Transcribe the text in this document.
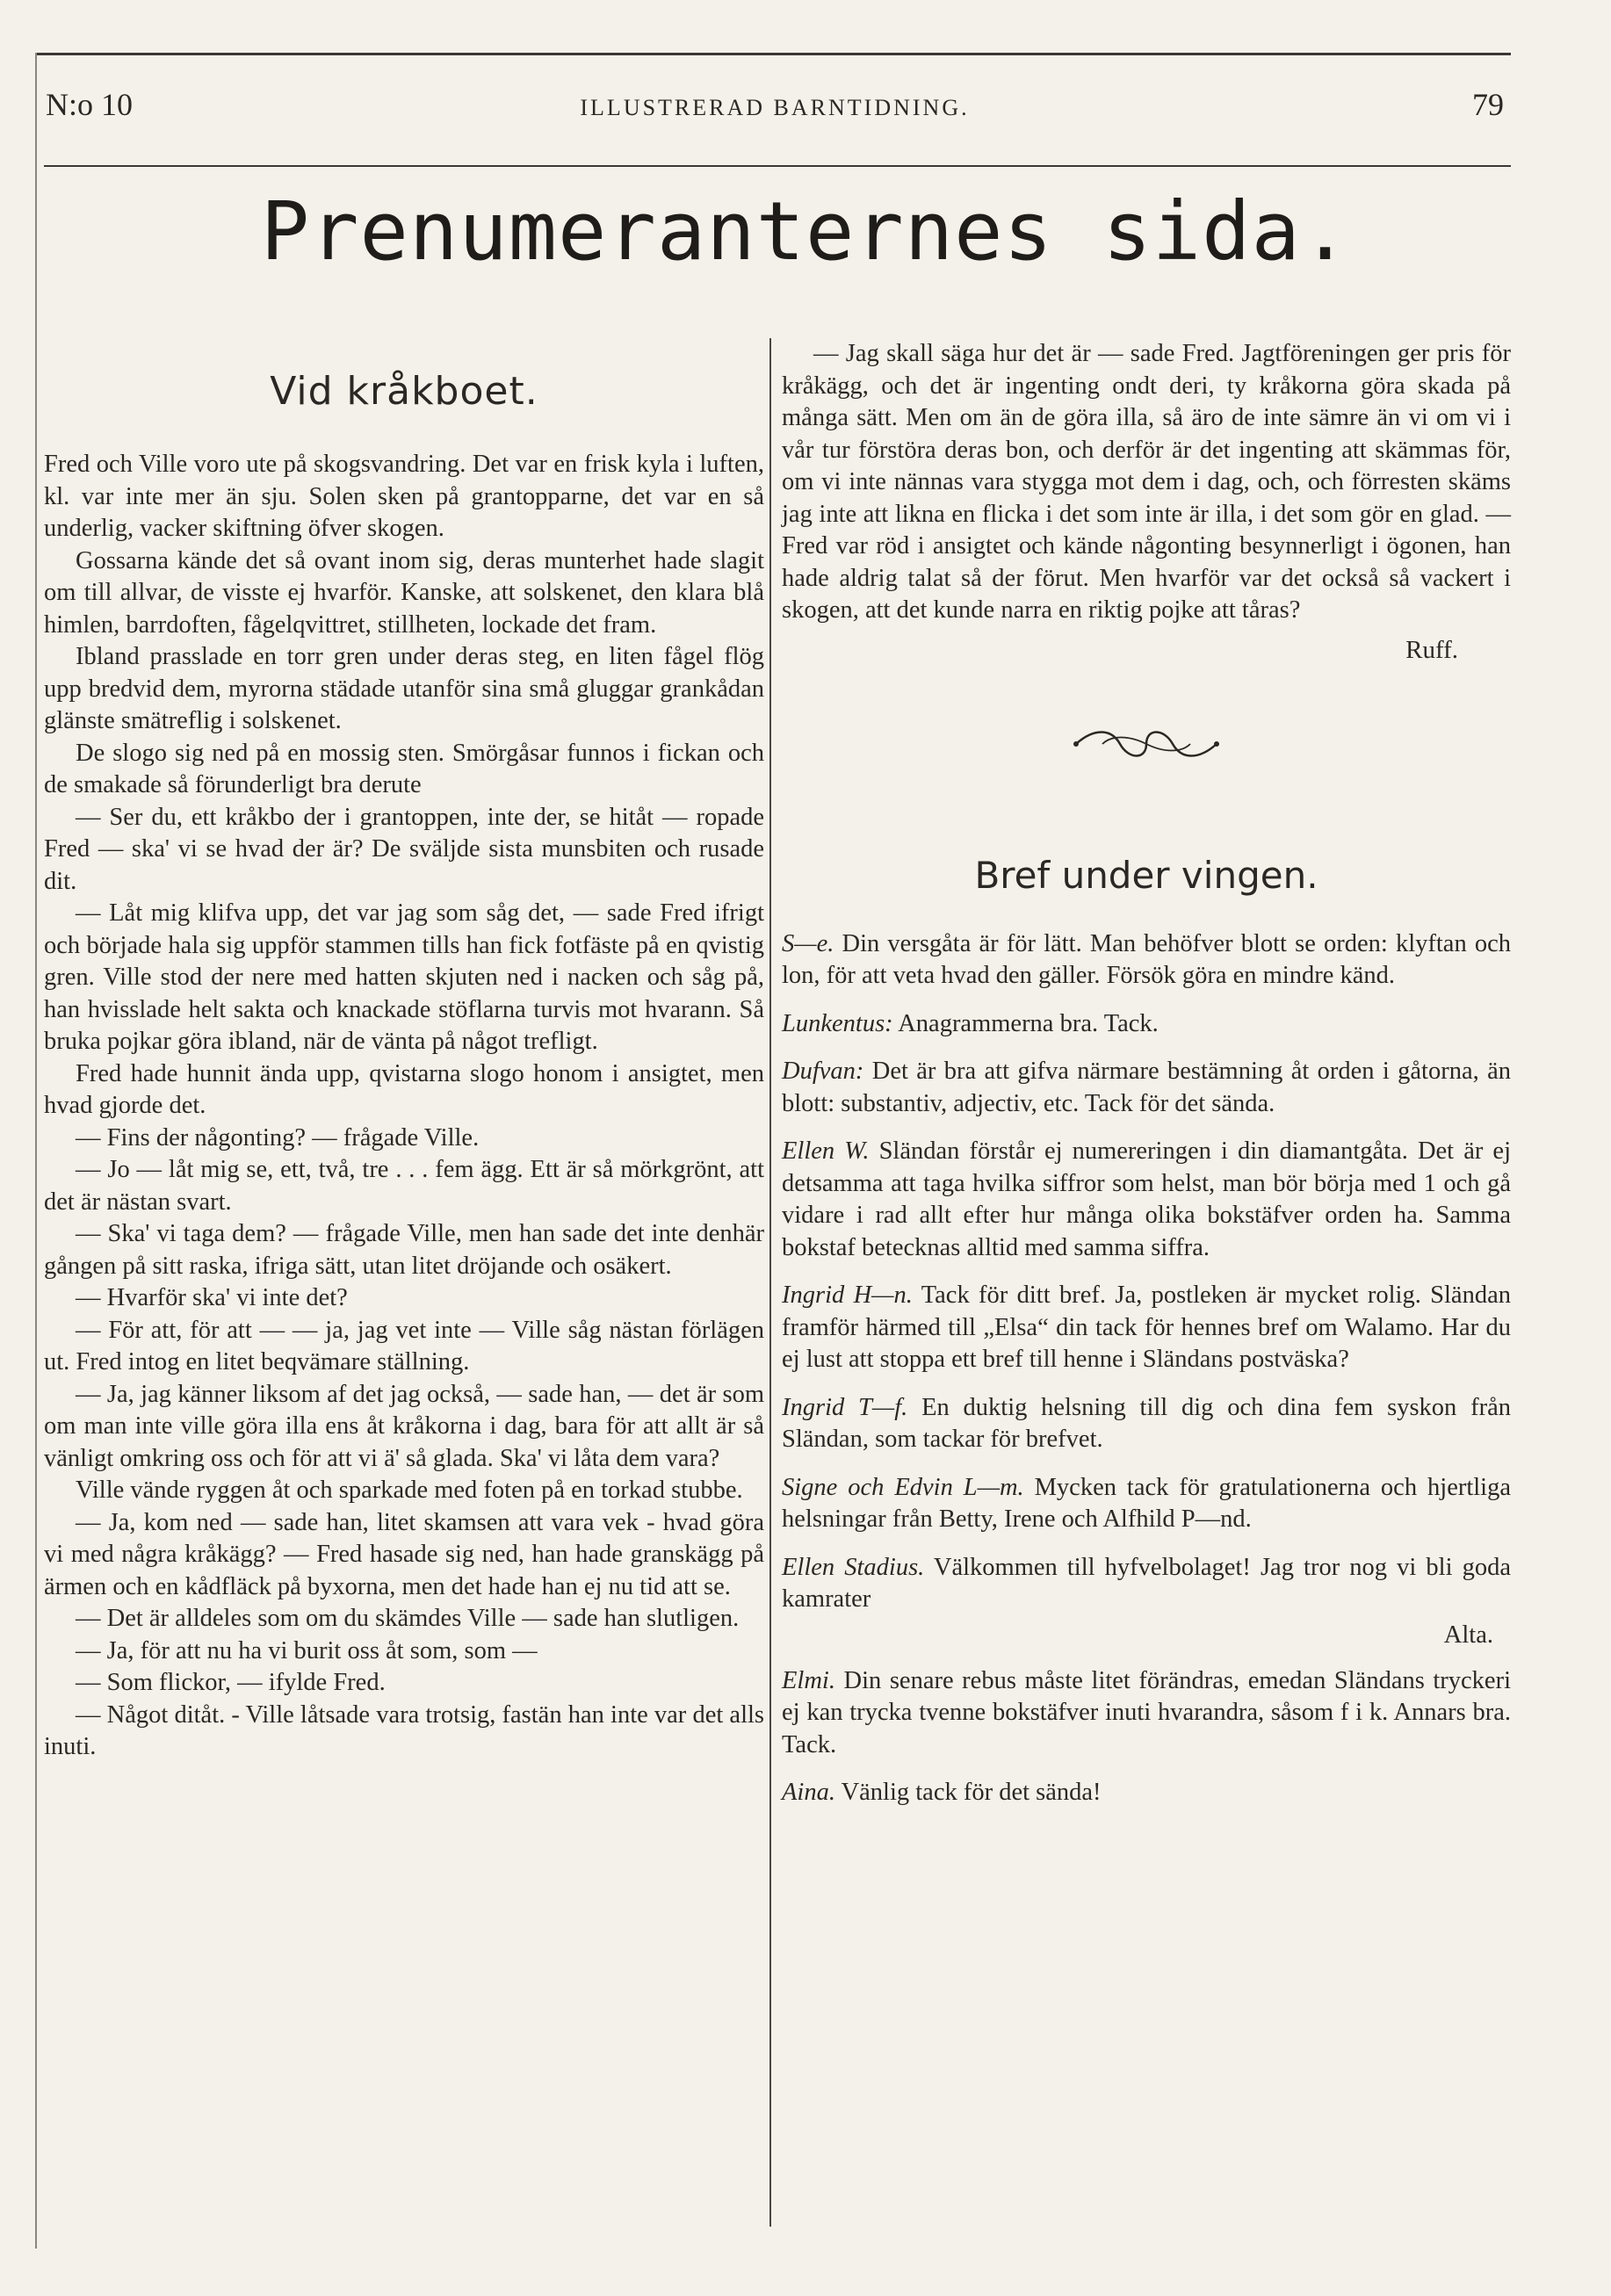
N:o 10	ILLUSTRERAD BARNTIDNING.	79
Prenumeranternes sida.
Vid kråkboet.

Fred och Ville voro ute på skogsvandring. Det var en frisk kyla i luften, kl. var inte mer än sju. Solen sken på grantopparne, det var en så underlig, vacker skiftning öfver skogen.

Gossarna kände det så ovant inom sig, deras munterhet hade slagit om till allvar, de visste ej hvarför. Kanske, att solskenet, den klara blå himlen, barrdoften, fågelqvittret, stillheten, lockade det fram.

Ibland prasslade en torr gren under deras steg, en liten fågel flög upp bredvid dem, myrorna städade utanför sina små gluggar grankådan glänste smätreflig i solskenet.

De slogo sig ned på en mossig sten. Smörgåsar funnos i fickan och de smakade så förunderligt bra derute

— Ser du, ett kråkbo der i grantoppen, inte der, se hitåt — ropade Fred — ska' vi se hvad der är? De sväljde sista munsbiten och rusade dit.

— Låt mig klifva upp, det var jag som såg det, — sade Fred ifrigt och började hala sig uppför stammen tills han fick fotfäste på en qvistig gren. Ville stod der nere med hatten skjuten ned i nacken och såg på, han hvisslade helt sakta och knackade stöflarna turvis mot hvarann. Så bruka pojkar göra ibland, när de vänta på något trefligt.

Fred hade hunnit ända upp, qvistarna slogo honom i ansigtet, men hvad gjorde det.

— Fins der någonting? — frågade Ville.

— Jo — låt mig se, ett, två, tre . . . fem ägg. Ett är så mörkgrönt, att det är nästan svart.

— Ska' vi taga dem? — frågade Ville, men han sade det inte denhär gången på sitt raska, ifriga sätt, utan litet dröjande och osäkert.

— Hvarför ska' vi inte det?

— För att, för att — — ja, jag vet inte — Ville såg nästan förlägen ut. Fred intog en litet beqvämare ställning.

— Ja, jag känner liksom af det jag också, — sade han, — det är som om man inte ville göra illa ens åt kråkorna i dag, bara för att allt är så vänligt omkring oss och för att vi ä' så glada. Ska' vi låta dem vara?

Ville vände ryggen åt och sparkade med foten på en torkad stubbe.

— Ja, kom ned — sade han, litet skamsen att vara vek - hvad göra vi med några kråkägg? — Fred hasade sig ned, han hade granskägg på ärmen och en kådfläck på byxorna, men det hade han ej nu tid att se.

— Det är alldeles som om du skämdes Ville — sade han slutligen.

— Ja, för att nu ha vi burit oss åt som, som —

— Som flickor, — ifylde Fred.

— Något ditåt. - Ville låtsade vara trotsig, fastän han inte var det alls inuti.

— Jag skall säga hur det är — sade Fred. Jagtföreningen ger pris för kråkägg, och det är ingenting ondt deri, ty kråkorna göra skada på många sätt. Men om än de göra illa, så äro de inte sämre än vi om vi i vår tur förstöra deras bon, och derför är det ingenting att skämmas för, om vi inte nännas vara stygga mot dem i dag, och, och förresten skäms jag inte att likna en flicka i det som inte är illa, i det som gör en glad. — Fred var röd i ansigtet och kände någonting besynnerligt i ögonen, han hade aldrig talat så der förut. Men hvarför var det också så vackert i skogen, att det kunde narra en riktig pojke att tåras?

Ruff.
Bref under vingen.

S—e. Din versgåta är för lätt. Man behöfver blott se orden: klyftan och lon, för att veta hvad den gäller. Försök göra en mindre känd.

Lunkentus: Anagrammerna bra. Tack.

Dufvan: Det är bra att gifva närmare bestämning åt orden i gåtorna, än blott: substantiv, adjectiv, etc. Tack för det sända.

Ellen W. Sländan förstår ej numereringen i din diamantgåta. Det är ej detsamma att taga hvilka siffror som helst, man bör börja med 1 och gå vidare i rad allt efter hur många olika bokstäfver orden ha. Samma bokstaf betecknas alltid med samma siffra.

Ingrid H—n. Tack för ditt bref. Ja, postleken är mycket rolig. Sländan framför härmed till „Elsa“ din tack för hennes bref om Walamo. Har du ej lust att stoppa ett bref till henne i Sländans postväska?

Ingrid T—f. En duktig helsning till dig och dina fem syskon från Sländan, som tackar för brefvet.

Signe och Edvin L—m. Mycken tack för gratulationerna och hjertliga helsningar från Betty, Irene och Alfhild P—nd.

Ellen Stadius. Välkommen till hyfvelbolaget! Jag tror nog vi bli goda kamrater

Alta.

Elmi. Din senare rebus måste litet förändras, emedan Sländans tryckeri ej kan trycka tvenne bokstäfver inuti hvarandra, såsom f i k. Annars bra. Tack.

Aina. Vänlig tack för det sända!
